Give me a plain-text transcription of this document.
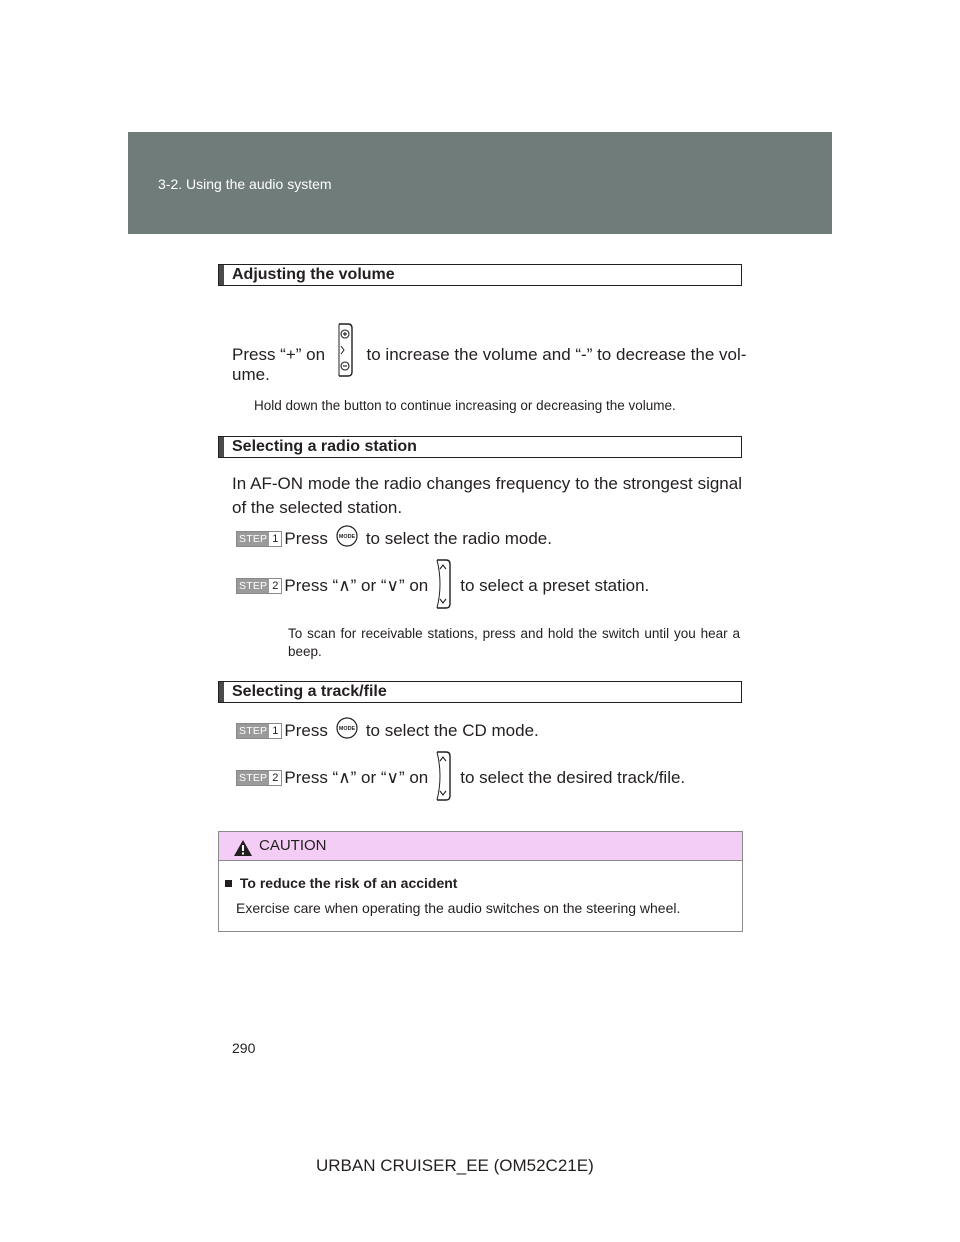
3-2. Using the audio system
Adjusting the volume
Press “+” on to increase the volume and “-” to decrease the vol-
ume.
Hold down the button to continue increasing or decreasing the volume.
Selecting a radio station
In AF-ON mode the radio changes frequency to the strongest signal of the selected station.
STEP 1 Press MODE to select the radio mode.
STEP 2 Press “∧” or “∨” on to select a preset station.
To scan for receivable stations, press and hold the switch until you hear a beep.
Selecting a track/file
STEP 1 Press MODE to select the CD mode.
STEP 2 Press “∧” or “∨” on to select the desired track/file.
CAUTION
To reduce the risk of an accident
Exercise care when operating the audio switches on the steering wheel.
290
URBAN CRUISER_EE (OM52C21E)
